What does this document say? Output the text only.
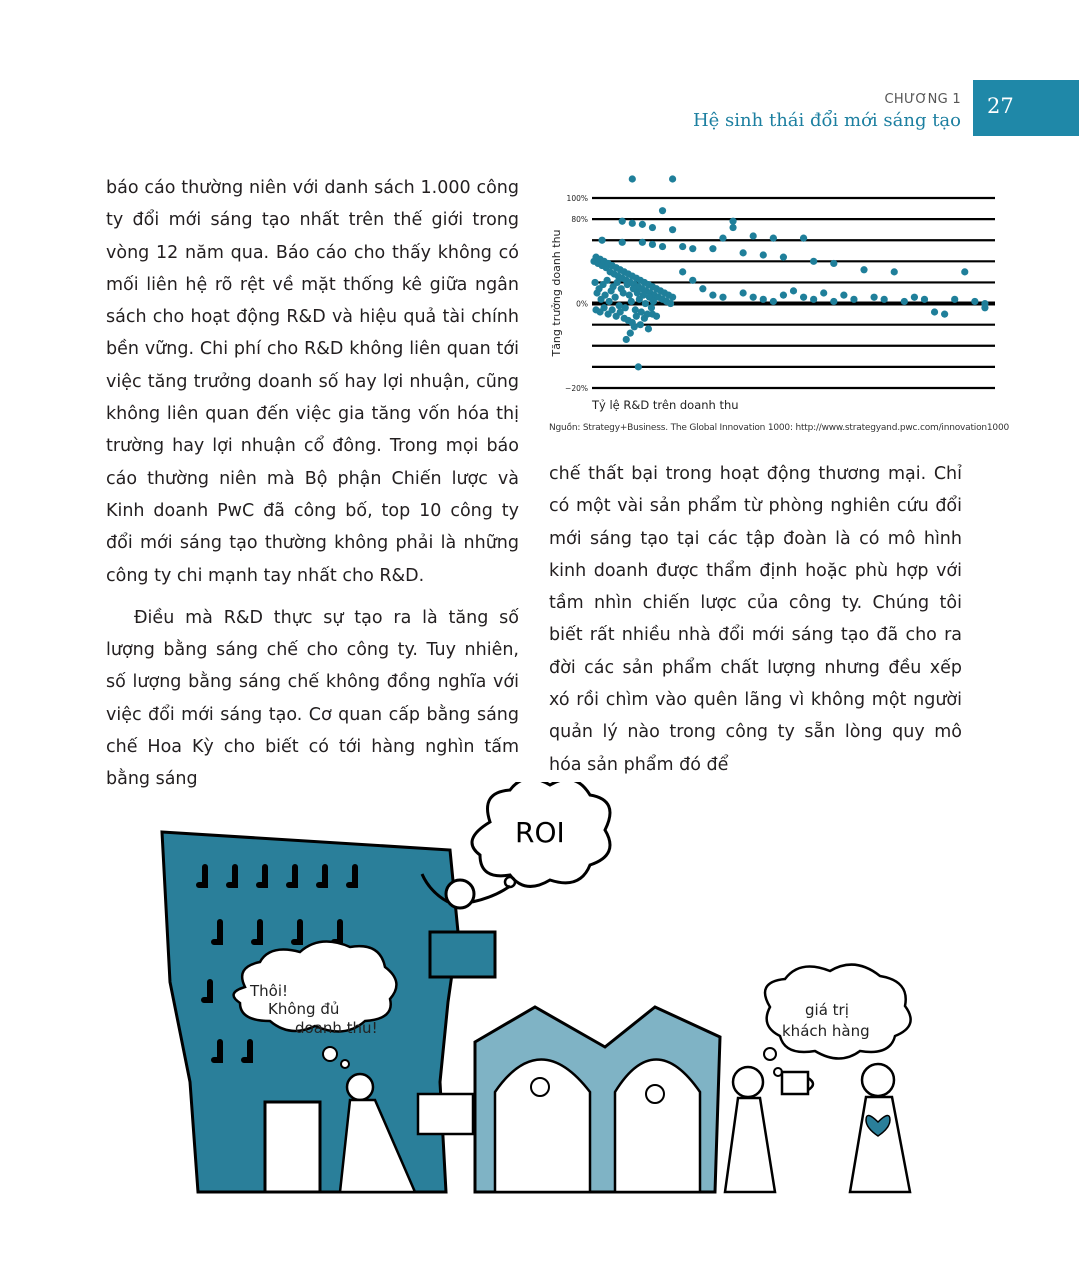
CHƯƠNG 1
Hệ sinh thái đổi mới sáng tạo
27

báo cáo thường niên với danh sách 1.000 công ty đổi mới sáng tạo nhất trên thế giới trong vòng 12 năm qua. Báo cáo cho thấy không có mối liên hệ rõ rệt về mặt thống kê giữa ngân sách cho hoạt động R&D và hiệu quả tài chính bền vững. Chi phí cho R&D không liên quan tới việc tăng trưởng doanh số hay lợi nhuận, cũng không liên quan đến việc gia tăng vốn hóa thị trường hay lợi nhuận cổ đông. Trong mọi báo cáo thường niên mà Bộ phận Chiến lược và Kinh doanh PwC đã công bố, top 10 công ty đổi mới sáng tạo thường không phải là những công ty chi mạnh tay nhất cho R&D.

Điều mà R&D thực sự tạo ra là tăng số lượng bằng sáng chế cho công ty. Tuy nhiên, số lượng bằng sáng chế không đồng nghĩa với việc đổi mới sáng tạo. Cơ quan cấp bằng sáng chế Hoa Kỳ cho biết có tới hàng nghìn tấm bằng sáng

100%
80%
0%
−20%
Tăng trưởng doanh thu
Tỷ lệ R&D trên doanh thu
Nguồn: Strategy+Business. The Global Innovation 1000: http://www.strategyand.pwc.com/innovation1000

chế thất bại trong hoạt động thương mại. Chỉ có một vài sản phẩm từ phòng nghiên cứu đổi mới sáng tạo tại các tập đoàn là có mô hình kinh doanh được thẩm định hoặc phù hợp với tầm nhìn chiến lược của công ty. Chúng tôi biết rất nhiều nhà đổi mới sáng tạo đã cho ra đời các sản phẩm chất lượng nhưng đều xếp xó rồi chìm vào quên lãng vì không một người quản lý nào trong công ty sẵn lòng quy mô hóa sản phẩm đó để

ROI
Thôi!
Không đủ
doanh thu!
giá trị
khách hàng
